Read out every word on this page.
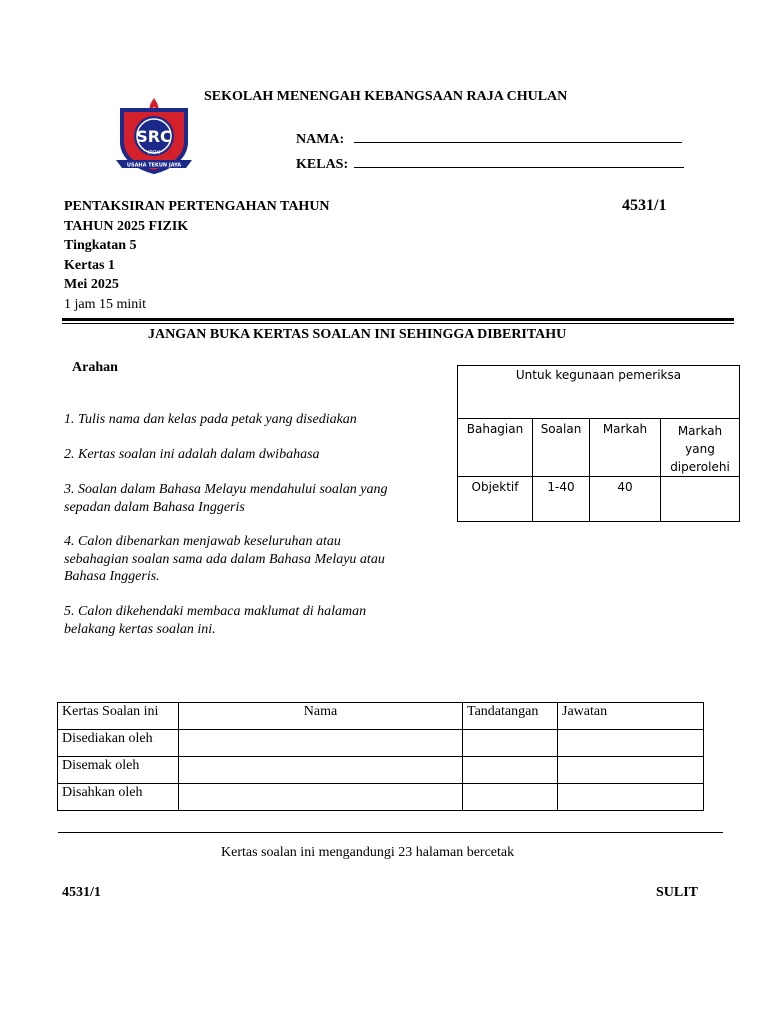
SRC
IPOH
USAHA TEKUN JAYA
SEKOLAH MENENGAH KEBANGSAAN RAJA CHULAN
NAMA:
KELAS:
PENTAKSIRAN PERTENGAHAN TAHUN
TAHUN 2025 FIZIK
Tingkatan 5
Kertas 1
Mei 2025
1 jam 15 minit
4531/1
JANGAN BUKA KERTAS SOALAN INI SEHINGGA DIBERITAHU
Arahan
1. Tulis nama dan kelas pada petak yang disediakan
2. Kertas soalan ini adalah dalam dwibahasa
3. Soalan dalam Bahasa Melayu mendahului soalan yang sepadan dalam Bahasa Inggeris
4. Calon dibenarkan menjawab keseluruhan atau sebahagian soalan sama ada dalam Bahasa Melayu atau Bahasa Inggeris.
5. Calon dikehendaki membaca maklumat di halaman belakang kertas soalan ini.
Untuk kegunaan pemeriksa			
Bahagian	Soalan	Markah	Markah yang diperolehi
Objektif	1-40	40	
Kertas Soalan ini	Nama	Tandatangan	Jawatan
Disediakan oleh			
Disemak oleh			
Disahkan oleh			
Kertas soalan ini mengandungi 23 halaman bercetak
4531/1	SULIT
